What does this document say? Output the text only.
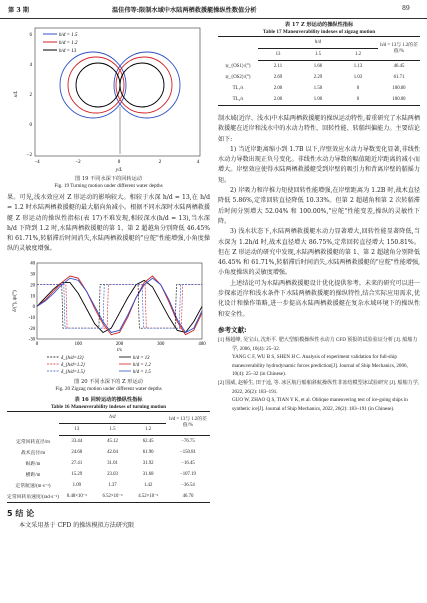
第 3 期	温佳伟等:限制水域中水陆两栖救援艇操纵性数值分析	89
h/d = 1.5
h/d = 1.2
h/d = 13
6
4
2
0
−2
−4	−2	0	2	4
y/L
x/L
图 19 不同水深下的回转运动
Fig. 19 Turning motion under different water depths

果。可见,浅水效应对 Z 形运动的影响较大。相较于水深 h/d = 13,在 h/d = 1.2 时水陆两栖救援艇的最大艏向角减小。根据不同水深时水陆两栖救援艇 Z 形运动的操纵性指标(表 17)不难发现,相较深水(h/d = 13),当水深 h/d 下降到 1.2 时,水陆两栖救援艇的第 1、第 2 超越角分别降低 46.45% 和 61.71%,转艏滞后时间消失,水陆两栖救援艇的"应舵"性能增强,小角度操纵的灵敏度增强。

-30
-20
-10
0
10
20
30
40
0	100	200	300	400
t/s
δ/(°), ψ/(°)
h/d = 13
h/d = 1.2
h/d = 1.5
δ_{h/d=13}
δ_{h/d=1.2}
δ_{h/d=1.5}
图 20 不同水深下的 Z 形运动
Fig. 20 Zigzag motion under different water depths
表 16 回转运动的操纵性指标
Table 16 Maneuverability indexes of turning motion
	h/d			h/d = 13与 1.2的差值/%
	13	1.5	1.2	
定常回转直径/m	33.44	45.12	62.45	−76.75
战术直径/m	24.68	42.04	61.90	−150.81
纵距/m	27.41	31.01	31.92	−16.45
横距/m	15.29	23.03	31.68	−107.19
定常航速/(m·s⁻¹)	1.09	1.37	1.42	−36.54
定常回转角速度/(rad·s⁻¹)	8.48×10⁻³	6.52×10⁻³	4.52×10⁻³	46.70
5 结 论

本文采用基于 CFD 的操纵模拟方法研究限

表 17 Z 形运动的操纵性指标
Table 17 Maneuverability indexes of zigzag motion
	h/d			h/d = 13与 1.2的差值/%
	13	1.5	1.2	
ψ_{OS1}/(°)	2.11	1.66	1.13	46.45
ψ_{OS2}/(°)	2.69	2.29	1.03	61.71
TL₁/s	2.00	1.50	0	100.00
TL₂/s	2.00	1.00	0	100.00

制水域(近岸、浅水)中水陆两栖救援艇的操纵运动特性,着重研究了水陆两栖救援艇在近岸和浅水中的水动力特性、回转性能、转艏纠偏能力。主要结论如下:

1) 当近岸距离缩小到 1.7B 以下,岸壁效应水动力导数变化显著,非线性水动力导数出现正负号变化。非线性水动力导数的幅值随近岸距离的减小而增大。岸壁效应使得水陆两栖救援艇受到岸壁的吸引力和背离岸壁的艏摇力矩。

2) 岸吸力和岸推力矩使回转性能增强,在岸壁距离为 1.2B 时,战术直径降低 5.86%,定常回转直径降低 10.33%。但第 2 超越角和第 2 次转艏滞后时间分别增大 52.04% 和 100.00%,"应舵"性能变差,操纵的灵敏性下降。

3) 浅水状态下,水陆两栖救援艇水动力显著增大,回转性能显著降低,当水深为 1.2h/d 时,战术直径增大 86.75%,定常回转直径增大 150.81%。但在 Z 形运动的研究中发现,水陆两栖救援艇的第 1、第 2 超越角分别降低 46.45% 和 61.71%,转艏滞后时间消失,水陆两栖救援艇的"应舵"性能增强,小角度操纵的灵敏度增强。

上述结论可为水陆两栖救援艇设计优化提供参考。未来的研究可以进一步探索近岸和浅水条件下水陆两栖救援艇的操纵特性,结合实际应用需求,优化设计和操作策略,进一步提高水陆两栖救援艇在复杂水域环境下的操纵性和安全性。

参考文献:
[1] 杨超峰, 吴宝山, 沈炬平. 肥大型船模操纵性水动力 CFD 预报的试验验证分析 [J]. 船舶力学, 2006, 10(4): 25–32.
YANG C F, WU B S, SHEN H C. Analysis of experiment validation for full-ship maneuverability hydrodynamic forces prediction[J]. Journal of Ship Mechanics, 2006, 10(4): 25–32 (in Chinese).
[2] 国威, 赵桥生, 田于逵, 等. 冰区航行船舶斜航操纵性非冻结模型冰试验研究 [J]. 船舶力学, 2022, 26(2): 183–191.
GUO W, ZHAO Q S, TIAN Y K, et al. Oblique maneuvering test of ice-going ships in synthetic ice[J]. Journal of Ship Mechanics, 2022, 26(2): 183–191 (in Chinese).
